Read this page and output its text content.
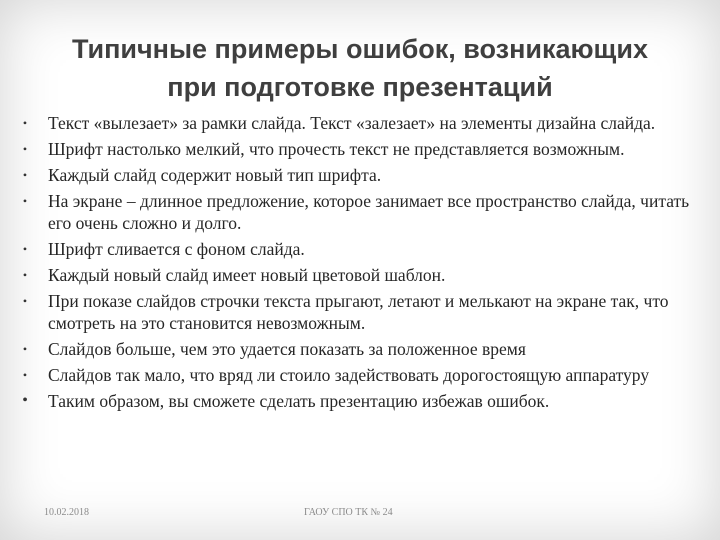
Типичные примеры ошибок, возникающих
при подготовке презентаций
• Текст «вылезает» за рамки слайда. Текст «залезает» на элементы дизайна слайда.
• Шрифт настолько мелкий, что прочесть текст не представляется возможным.
• Каждый слайд содержит новый тип шрифта.
• На экране – длинное предложение, которое занимает все пространство слайда, читать его очень сложно и долго.
• Шрифт сливается с фоном слайда.
• Каждый новый слайд имеет новый цветовой шаблон.
• При показе слайдов строчки текста прыгают, летают и мелькают на экране так, что смотреть на это становится невозможным.
• Слайдов больше, чем это удается показать за положенное время
• Слайдов так мало, что вряд ли стоило задействовать дорогостоящую аппаратуру
• Таким образом, вы сможете сделать презентацию избежав ошибок.
10.02.2018	ГАОУ СПО ТК № 24
